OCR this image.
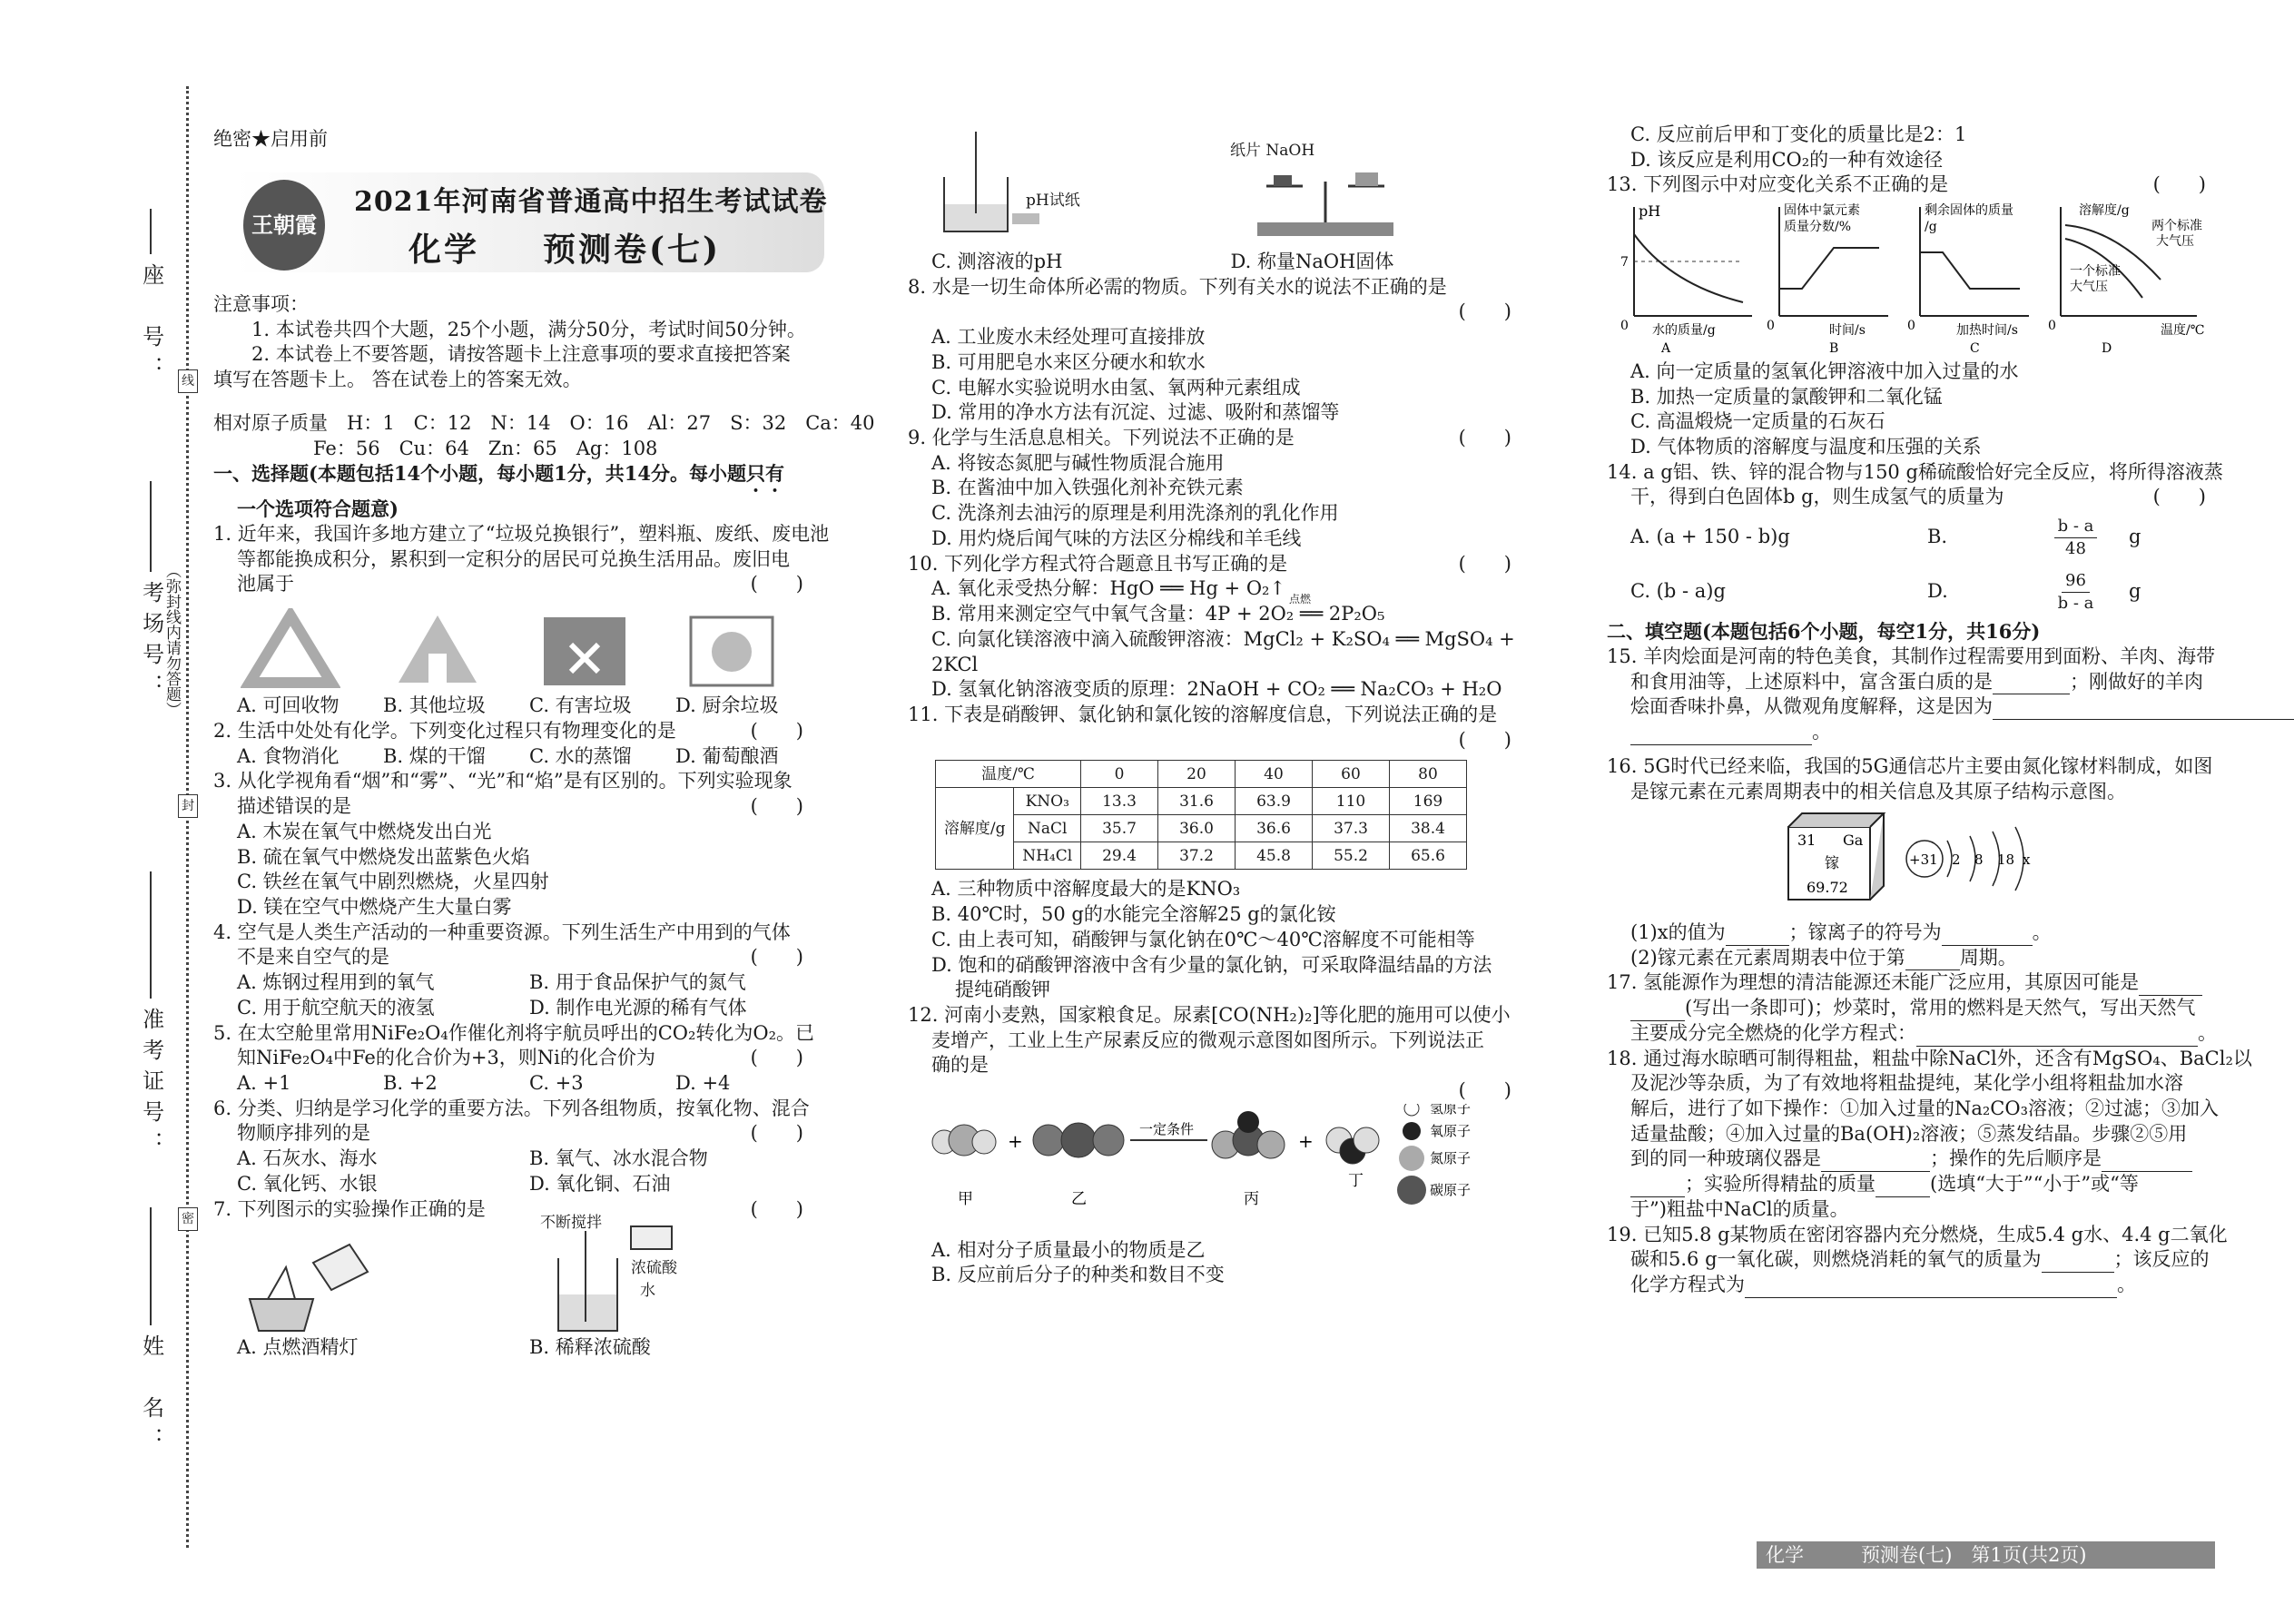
座　号：
考场号：
准考证号：
姓　名：
线
封
密
（弥封线内请勿答题）
绝密★启用前
王朝霞
2021年河南省普通高中招生考试试卷
化学 预测卷(七)
注意事项：
1. 本试卷共四个大题，25个小题，满分50分，考试时间50分钟。
2. 本试卷上不要答题，请按答题卡上注意事项的要求直接把答案
填写在答题卡上。 答在试卷上的答案无效。
相对原子质量　H：1　C：12　N：14　O：16　Al：27　S：32　Ca：40
Fe：56　Cu：64　Zn：65　Ag：108
一、选择题(本题包括14个小题，每小题1分，共14分。每小题只有
一个选项符合题意)
1. 近年来，我国许多地方建立了“垃圾兑换银行”，塑料瓶、废纸、废电池
等都能换成积分，累积到一定积分的居民可兑换生活用品。废旧电
池属于	(　　)
A. 可回收物	B. 其他垃圾	C. 有害垃圾	D. 厨余垃圾
2. 生活中处处有化学。下列变化过程只有物理变化的是	(　　)
A. 食物消化	B. 煤的干馏	C. 水的蒸馏	D. 葡萄酿酒
3. 从化学视角看“烟”和“雾”、“光”和“焰”是有区别的。下列实验现象
描述错误的是	(　　)
A. 木炭在氧气中燃烧发出白光
B. 硫在氧气中燃烧发出蓝紫色火焰
C. 铁丝在氧气中剧烈燃烧，火星四射
D. 镁在空气中燃烧产生大量白雾
4. 空气是人类生产活动的一种重要资源。下列生活生产中用到的气体
不是来自空气的是	(　　)
A. 炼钢过程用到的氧气	B. 用于食品保护气的氮气
C. 用于航空航天的液氢	D. 制作电光源的稀有气体
5. 在太空舱里常用NiFe₂O₄作催化剂将宇航员呼出的CO₂转化为O₂。已
知NiFe₂O₄中Fe的化合价为+3，则Ni的化合价为	(　　)
A. +1	B. +2	C. +3	D. +4
6. 分类、归纳是学习化学的重要方法。下列各组物质，按氧化物、混合
物顺序排列的是	(　　)
A. 石灰水、海水	B. 氧气、冰水混合物
C. 氧化钙、水银	D. 氧化铜、石油
7. 下列图示的实验操作正确的是	(　　)
不断搅拌
浓硫酸
水
A. 点燃酒精灯	B. 稀释浓硫酸
pH试纸
纸片 NaOH
C. 测溶液的pH	D. 称量NaOH固体
8. 水是一切生命体所必需的物质。下列有关水的说法不正确的是
(　　)

A. 工业废水未经处理可直接排放
B. 可用肥皂水来区分硬水和软水
C. 电解水实验说明水由氢、氧两种元素组成
D. 常用的净水方法有沉淀、过滤、吸附和蒸馏等
9. 化学与生活息息相关。下列说法不正确的是	(　　)
A. 将铵态氮肥与碱性物质混合施用
B. 在酱油中加入铁强化剂补充铁元素
C. 洗涤剂去油污的原理是利用洗涤剂的乳化作用
D. 用灼烧后闻气味的方法区分棉线和羊毛线
10. 下列化学方程式符合题意且书写正确的是	(　　)
A. 氧化汞受热分解：HgO ══ Hg + O₂↑
B. 常用来测定空气中氧气含量：4P + 2O₂ ══ 2P₂O₅
点燃
C. 向氯化镁溶液中滴入硫酸钾溶液：MgCl₂ + K₂SO₄ ══ MgSO₄ +
2KCl
D. 氢氧化钠溶液变质的原理：2NaOH + CO₂ ══ Na₂CO₃ + H₂O
11. 下表是硝酸钾、氯化钠和氯化铵的溶解度信息，下列说法正确的是
(　　)

温度/℃		0	20	40	60	80
溶解度/g	KNO₃	13.3	31.6	63.9	110	169
	NaCl	35.7	36.0	36.6	37.3	38.4
	NH₄Cl	29.4	37.2	45.8	55.2	65.6
A. 三种物质中溶解度最大的是KNO₃
B. 40℃时，50 g的水能完全溶解25 g的氯化铵
C. 由上表可知，硝酸钾与氯化钠在0℃～40℃溶解度不可能相等
D. 饱和的硝酸钾溶液中含有少量的氯化钠，可采取降温结晶的方法
提纯硝酸钾
12. 河南小麦熟，国家粮食足。尿素[CO(NH₂)₂]等化肥的施用可以使小
麦增产，工业上生产尿素反应的微观示意图如图所示。下列说法正
确的是
(　　)

+
一定条件
+
甲	乙	丙
丁
氢原子
氧原子
氮原子
碳原子
A. 相对分子质量最小的物质是乙
B. 反应前后分子的种类和数目不变
C. 反应前后甲和丁变化的质量比是2：1
D. 该反应是利用CO₂的一种有效途径
13. 下列图示中对应变化关系不正确的是	(　　)
pH
7
0 水的质量/g
A
固体中氯元素
质量分数/%
0	时间/s
B
剩余固体的质量
/g
0	加热时间/s
C
溶解度/g
两个标准
大气压
一个标准
大气压
0	温度/℃
D
A. 向一定质量的氢氧化钾溶液中加入过量的水
B. 加热一定质量的氯酸钾和二氧化锰
C. 高温煅烧一定质量的石灰石
D. 气体物质的溶解度与温度和压强的关系
14. a g铝、铁、锌的混合物与150 g稀硫酸恰好完全反应，将所得溶液蒸
干，得到白色固体b g，则生成氢气的质量为	(　　)
A. (a + 150 - b)g	B.	b - a
48
g
C. (b - a)g	D.	96
b - a
g
二、填空题(本题包括6个小题，每空1分，共16分)
15. 羊肉烩面是河南的特色美食，其制作过程需要用到面粉、羊肉、海带
和食用油等，上述原料中，富含蛋白质的是	；刚做好的羊肉
烩面香味扑鼻，从微观角度解释，这是因为
。
16. 5G时代已经来临，我国的5G通信芯片主要由氮化镓材料制成，如图
是镓元素在元素周期表中的相关信息及其原子结构示意图。
31 Ga
镓
69.72
+31 2 8 18 x
(1)x的值为	；镓离子的符号为	。
(2)镓元素在元素周期表中位于第	周期。
17. 氢能源作为理想的清洁能源还未能广泛应用，其原因可能是
(写出一条即可)；炒菜时，常用的燃料是天然气，写出天然气
主要成分完全燃烧的化学方程式：	。
18. 通过海水晾晒可制得粗盐，粗盐中除NaCl外，还含有MgSO₄、BaCl₂以
及泥沙等杂质，为了有效地将粗盐提纯，某化学小组将粗盐加水溶
解后，进行了如下操作：①加入过量的Na₂CO₃溶液；②过滤；③加入
适量盐酸；④加入过量的Ba(OH)₂溶液；⑤蒸发结晶。步骤②⑤用
到的同一种玻璃仪器是	；操作的先后顺序是
；实验所得精盐的质量	(选填“大于”“小于”或“等
于”)粗盐中NaCl的质量。
19. 已知5.8 g某物质在密闭容器内充分燃烧，生成5.4 g水、4.4 g二氧化
碳和5.6 g一氧化碳，则燃烧消耗的氧气的质量为	；该反应的
化学方程式为	。
化学　　　预测卷(七)　第1页(共2页)
